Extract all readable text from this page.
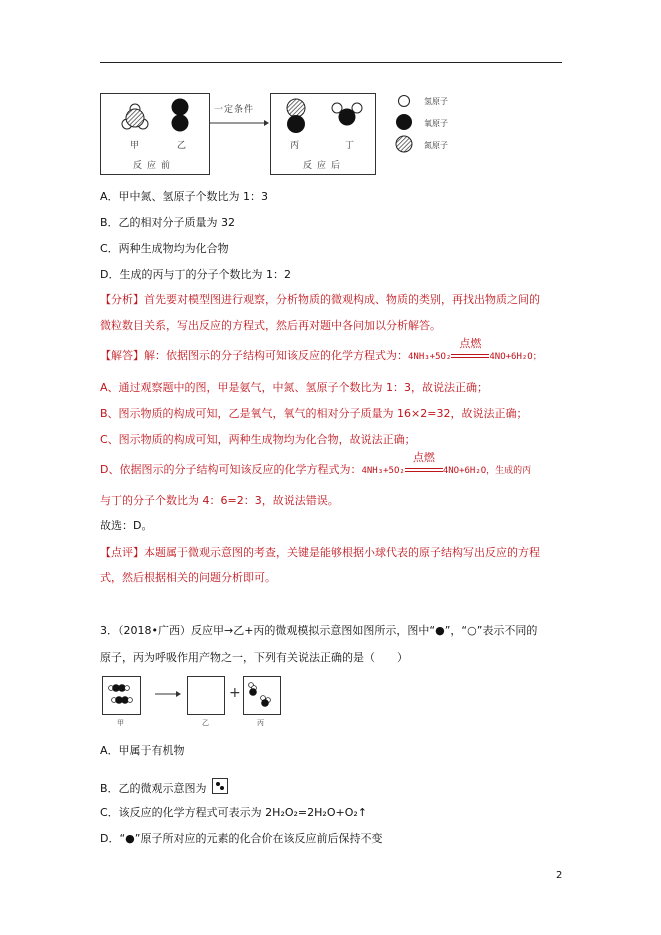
甲	乙
反应前
一定条件
丙	丁
反应后
氢原子
氧原子
氮原子
A．甲中氮、氢原子个数比为 1：3
B．乙的相对分子质量为 32
C．两种生成物均为化合物
D．生成的丙与丁的分子个数比为 1：2
【分析】首先要对模型图进行观察，分析物质的微观构成、物质的类别，再找出物质之间的
微粒数目关系，写出反应的方程式，然后再对题中各问加以分析解答。
【解答】解：依据图示的分子结构可知该反应的化学方程式为：4NH₃+5O₂
点燃
4NO+6H₂O；
A、通过观察题中的图，甲是氨气，中氮、氢原子个数比为 1：3，故说法正确；
B、图示物质的构成可知，乙是氧气，氧气的相对分子质量为 16×2=32，故说法正确；
C、图示物质的构成可知，两种生成物均为化合物，故说法正确；
D、依据图示的分子结构可知该反应的化学方程式为：4NH₃+5O₂
点燃
4NO+6H₂O，生成的丙
与丁的分子个数比为 4：6=2：3，故说法错误。
故选：D。
【点评】本题属于微观示意图的考查，关键是能够根据小球代表的原子结构写出反应的方程
式，然后根据相关的问题分析即可。
3．（2018•广西）反应甲→乙+丙的微观模拟示意图如图所示，图中“●”，“○”表示不同的
原子，丙为呼吸作用产物之一，下列有关说法正确的是（　　）
+
甲	乙	丙
A．甲属于有机物
B．乙的微观示意图为
C．该反应的化学方程式可表示为 2H₂O₂=2H₂O+O₂↑
D．“●”原子所对应的元素的化合价在该反应前后保持不变
2
